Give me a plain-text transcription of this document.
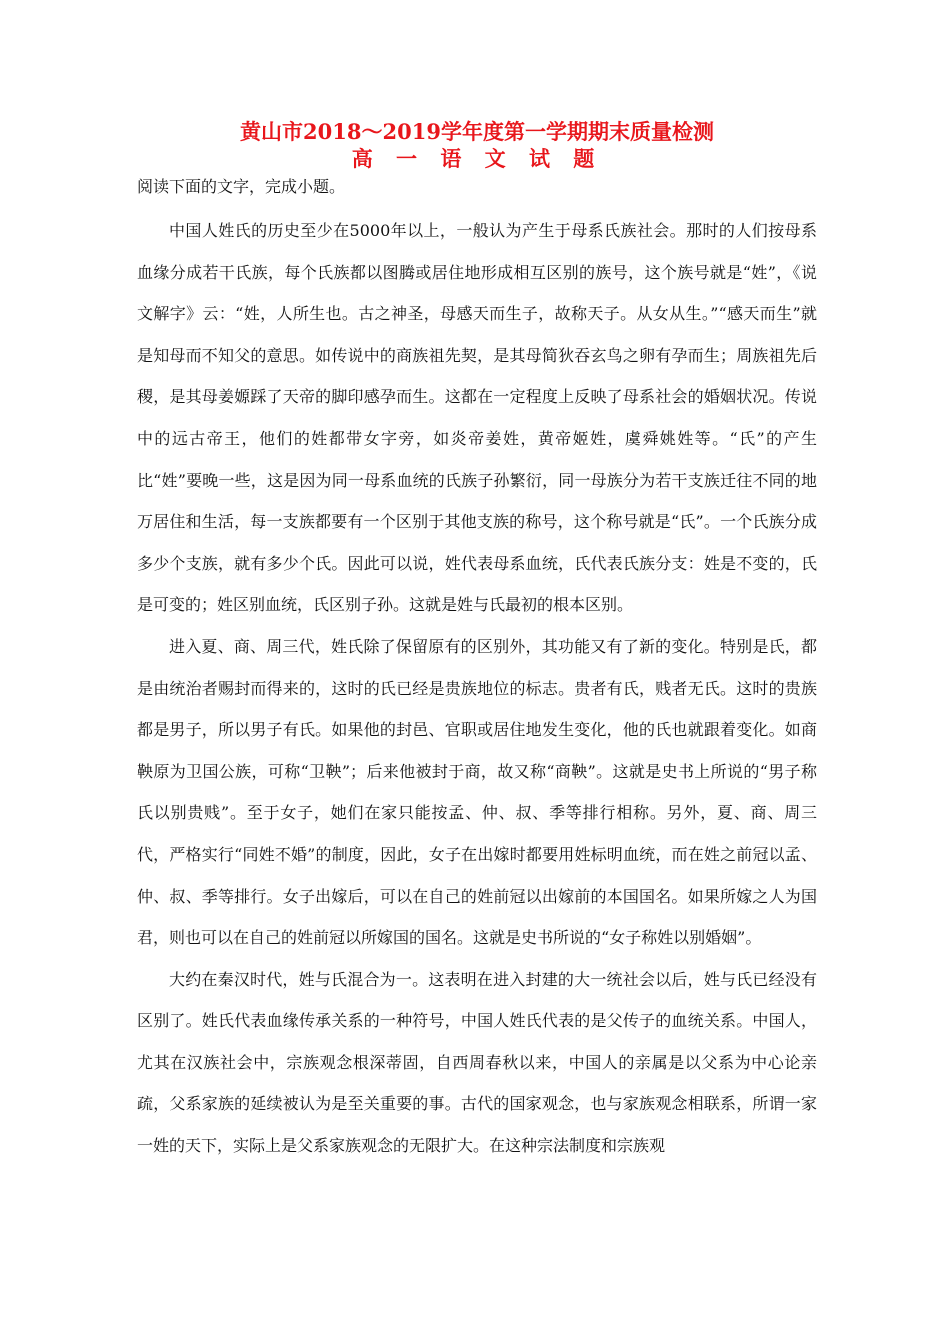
黄山市2018～2019学年度第一学期期末质量检测
高 一 语 文 试 题

阅读下面的文字，完成小题。

中国人姓氏的历史至少在5000年以上，一般认为产生于母系氏族社会。那时的人们按母系血缘分成若干氏族，每个氏族都以图腾或居住地形成相互区别的族号，这个族号就是“姓”，《说文解字》云：“姓，人所生也。古之神圣，母感天而生子，故称天子。从女从生。”“感天而生”就是知母而不知父的意思。如传说中的商族祖先契，是其母简狄吞玄鸟之卵有孕而生；周族祖先后稷，是其母姜嫄踩了天帝的脚印感孕而生。这都在一定程度上反映了母系社会的婚姻状况。传说中的远古帝王，他们的姓都带女字旁，如炎帝姜姓，黄帝姬姓，虞舜姚姓等。“氏”的产生比“姓”要晚一些，这是因为同一母系血统的氏族子孙繁衍，同一母族分为若干支族迁往不同的地万居住和生活，每一支族都要有一个区别于其他支族的称号，这个称号就是“氏”。一个氏族分成多少个支族，就有多少个氏。因此可以说，姓代表母系血统，氏代表氏族分支：姓是不变的，氏是可变的；姓区别血统，氏区别子孙。这就是姓与氏最初的根本区别。

进入夏、商、周三代，姓氏除了保留原有的区别外，其功能又有了新的变化。特别是氏，都是由统治者赐封而得来的，这时的氏已经是贵族地位的标志。贵者有氏，贱者无氏。这时的贵族都是男子，所以男子有氏。如果他的封邑、官职或居住地发生变化，他的氏也就跟着变化。如商鞅原为卫国公族，可称“卫鞅”；后来他被封于商，故又称“商鞅”。这就是史书上所说的“男子称氏以别贵贱”。至于女子，她们在家只能按孟、仲、叔、季等排行相称。另外，夏、商、周三代，严格实行“同姓不婚”的制度，因此，女子在出嫁时都要用姓标明血统，而在姓之前冠以孟、仲、叔、季等排行。女子出嫁后，可以在自己的姓前冠以出嫁前的本国国名。如果所嫁之人为国君，则也可以在自己的姓前冠以所嫁国的国名。这就是史书所说的“女子称姓以别婚姻”。

大约在秦汉时代，姓与氏混合为一。这表明在进入封建的大一统社会以后，姓与氏已经没有区别了。姓氏代表血缘传承关系的一种符号，中国人姓氏代表的是父传子的血统关系。中国人，尤其在汉族社会中，宗族观念根深蒂固，自西周春秋以来，中国人的亲属是以父系为中心论亲疏，父系家族的延续被认为是至关重要的事。古代的国家观念，也与家族观念相联系，所谓一家一姓的天下，实际上是父系家族观念的无限扩大。在这种宗法制度和宗族观
